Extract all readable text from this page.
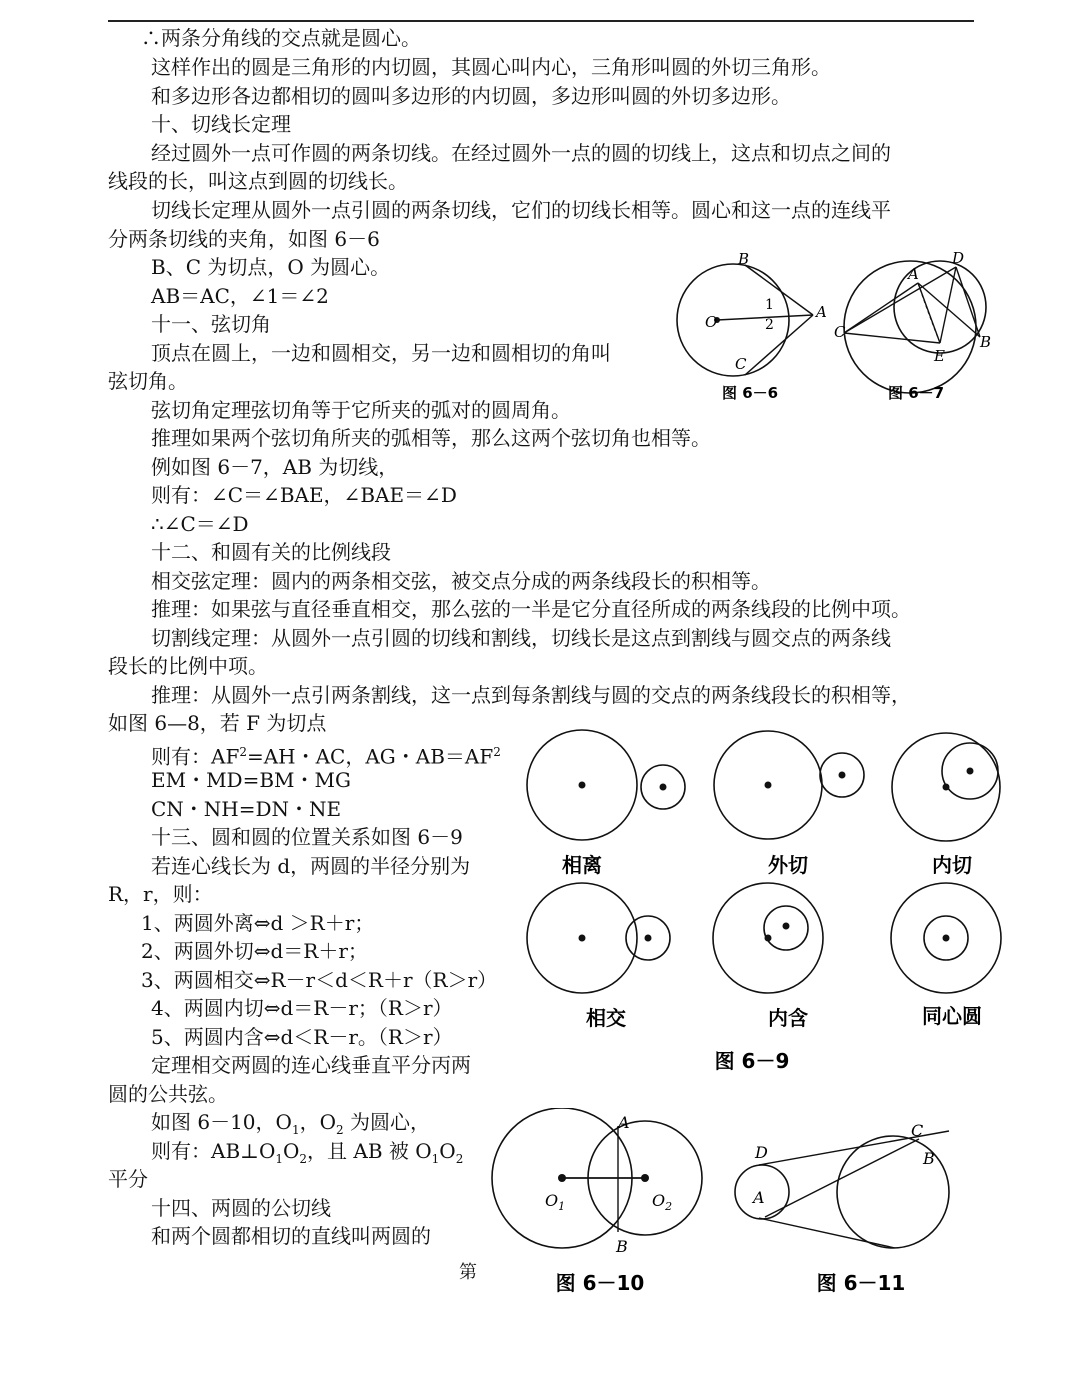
∴两条分角线的交点就是圆心。
这样作出的圆是三角形的内切圆，其圆心叫内心，三角形叫圆的外切三角形。
和多边形各边都相切的圆叫多边形的内切圆，多边形叫圆的外切多边形。
十、切线长定理
经过圆外一点可作圆的两条切线。在经过圆外一点的圆的切线上，这点和切点之间的
线段的长，叫这点到圆的切线长。
切线长定理从圆外一点引圆的两条切线，它们的切线长相等。圆心和这一点的连线平
分两条切线的夹角，如图 6－6
B、C 为切点，O 为圆心。
AB＝AC，∠1＝∠2
十一、弦切角
顶点在圆上，一边和圆相交，另一边和圆相切的角叫
弦切角。
弦切角定理弦切角等于它所夹的弧对的圆周角。
推理如果两个弦切角所夹的弧相等，那么这两个弦切角也相等。
例如图 6－7，AB 为切线，
则有：∠C＝∠BAE，∠BAE＝∠D
∴∠C＝∠D
十二、和圆有关的比例线段
相交弦定理：圆内的两条相交弦，被交点分成的两条线段长的积相等。
推理：如果弦与直径垂直相交，那么弦的一半是它分直径所成的两条线段的比例中项。
切割线定理：从圆外一点引圆的切线和割线，切线长是这点到割线与圆交点的两条线
段长的比例中项。
推理：从圆外一点引两条割线，这一点到每条割线与圆的交点的两条线段长的积相等，
如图 6—8，若 F 为切点
则有：$AF^2=AH$・AC，AG・$AB=AF^2$
EM・MD=BM・MG
CN・NH=DN・NE
十三、圆和圆的位置关系如图 6－9
若连心线长为 d，两圆的半径分别为
R，r，则：
1、两圆外离⇔d ＞R＋r；
2、两圆外切⇔d＝R＋r；
3、两圆相交⇔R－r＜d＜R＋r（R＞r）
4、两圆内切⇔d＝R－r；（R＞r）
5、两圆内含⇔d＜R－r。（R＞r）
定理相交两圆的连心线垂直平分丙两
圆的公共弦。
如图 6－10，$O_1$，$O_2$ 为圆心，
则有：$AB\perp O_1O_2$，且 AB 被 $O_1O_2$
平分
十四、两圆的公切线
和两个圆都相切的直线叫两圆的
第
B
A
O
C
1
2
图 6－6
A
D
C
E
B
图 6－7
相离	外切	内切
相交	内含	同心圆
图 6－9
A
B
$O_1$	$O_2$
图 6－10
C
B
D
A
图 6－11
